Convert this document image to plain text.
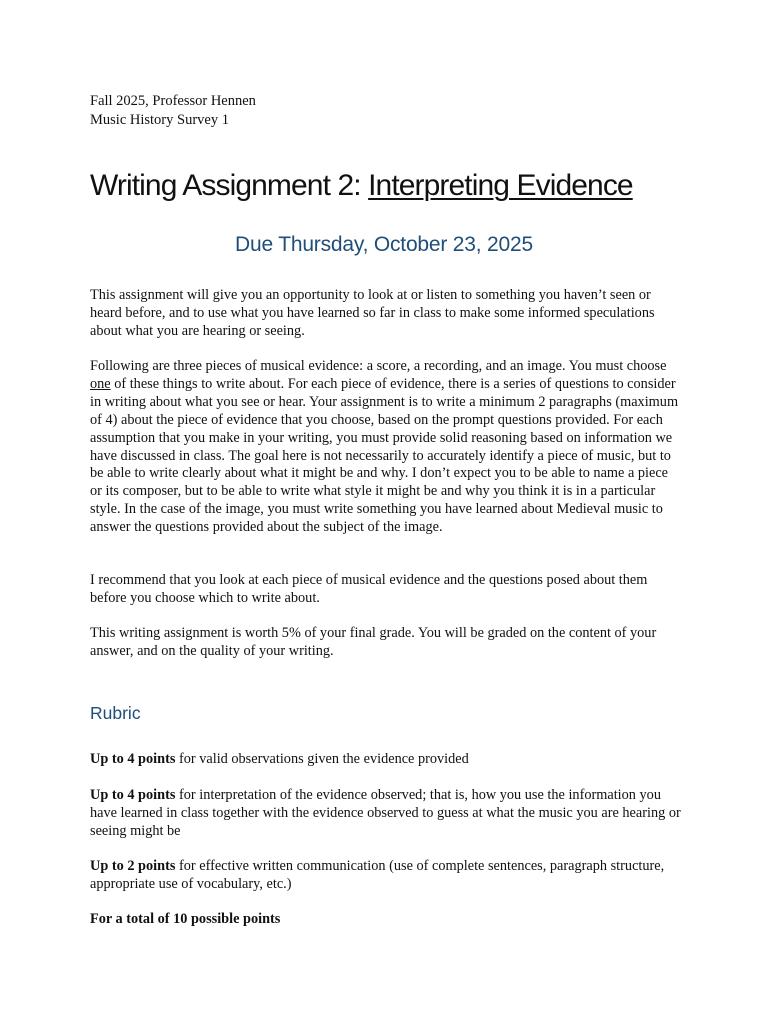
Fall 2025, Professor Hennen
Music History Survey 1
Writing Assignment 2: Interpreting Evidence
Due Thursday, October 23, 2025

This assignment will give you an opportunity to look at or listen to something you haven’t seen or heard before, and to use what you have learned so far in class to make some informed speculations about what you are hearing or seeing.

Following are three pieces of musical evidence: a score, a recording, and an image. You must choose one of these things to write about. For each piece of evidence, there is a series of questions to consider in writing about what you see or hear. Your assignment is to write a minimum 2 paragraphs (maximum of 4) about the piece of evidence that you choose, based on the prompt questions provided. For each assumption that you make in your writing, you must provide solid reasoning based on information we have discussed in class. The goal here is not necessarily to accurately identify a piece of music, but to be able to write clearly about what it might be and why. I don’t expect you to be able to name a piece or its composer, but to be able to write what style it might be and why you think it is in a particular style. In the case of the image, you must write something you have learned about Medieval music to answer the questions provided about the subject of the image.

I recommend that you look at each piece of musical evidence and the questions posed about them before you choose which to write about.

This writing assignment is worth 5% of your final grade. You will be graded on the content of your answer, and on the quality of your writing.

Rubric

Up to 4 points for valid observations given the evidence provided

Up to 4 points for interpretation of the evidence observed; that is, how you use the information you have learned in class together with the evidence observed to guess at what the music you are hearing or seeing might be

Up to 2 points for effective written communication (use of complete sentences, paragraph structure, appropriate use of vocabulary, etc.)

For a total of 10 possible points
